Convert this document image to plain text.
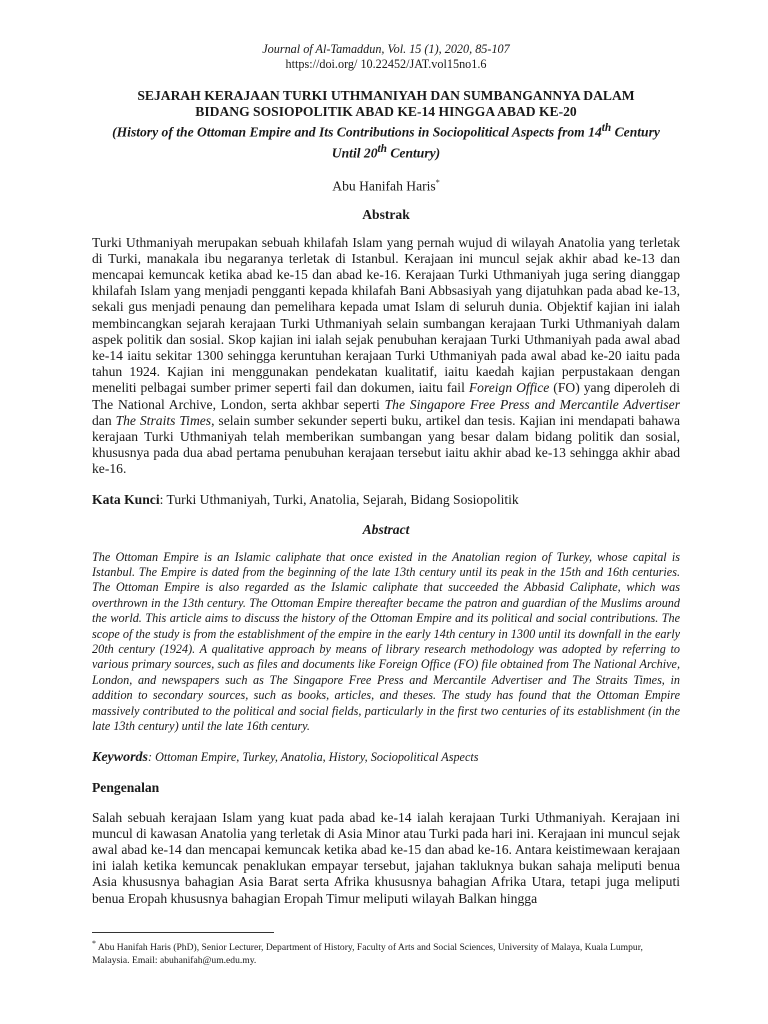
Journal of Al-Tamaddun, Vol. 15 (1), 2020, 85-107
https://doi.org/ 10.22452/JAT.vol15no1.6
SEJARAH KERAJAAN TURKI UTHMANIYAH DAN SUMBANGANNYA DALAM
BIDANG SOSIOPOLITIK ABAD KE-14 HINGGA ABAD KE-20
(History of the Ottoman Empire and Its Contributions in Sociopolitical Aspects from 14th Century
Until 20th Century)
Abu Hanifah Haris*
Abstrak
Turki Uthmaniyah merupakan sebuah khilafah Islam yang pernah wujud di wilayah Anatolia yang terletak di Turki, manakala ibu negaranya terletak di Istanbul. Kerajaan ini muncul sejak akhir abad ke-13 dan mencapai kemuncak ketika abad ke-15 dan abad ke-16. Kerajaan Turki Uthmaniyah juga sering dianggap khilafah Islam yang menjadi pengganti kepada khilafah Bani Abbsasiyah yang dijatuhkan pada abad ke-13, sekali gus menjadi penaung dan pemelihara kepada umat Islam di seluruh dunia. Objektif kajian ini ialah membincangkan sejarah kerajaan Turki Uthmaniyah selain sumbangan kerajaan Turki Uthmaniyah dalam aspek politik dan sosial. Skop kajian ini ialah sejak penubuhan kerajaan Turki Uthmaniyah pada awal abad ke-14 iaitu sekitar 1300 sehingga keruntuhan kerajaan Turki Uthmaniyah pada awal abad ke-20 iaitu pada tahun 1924. Kajian ini menggunakan pendekatan kualitatif, iaitu kaedah kajian perpustakaan dengan meneliti pelbagai sumber primer seperti fail dan dokumen, iaitu fail Foreign Office (FO) yang diperoleh di The National Archive, London, serta akhbar seperti The Singapore Free Press and Mercantile Advertiser dan The Straits Times, selain sumber sekunder seperti buku, artikel dan tesis. Kajian ini mendapati bahawa kerajaan Turki Uthmaniyah telah memberikan sumbangan yang besar dalam bidang politik dan sosial, khususnya pada dua abad pertama penubuhan kerajaan tersebut iaitu akhir abad ke-13 sehingga akhir abad ke-16.
Kata Kunci: Turki Uthmaniyah, Turki, Anatolia, Sejarah, Bidang Sosiopolitik
Abstract
The Ottoman Empire is an Islamic caliphate that once existed in the Anatolian region of Turkey, whose capital is Istanbul. The Empire is dated from the beginning of the late 13th century until its peak in the 15th and 16th centuries. The Ottoman Empire is also regarded as the Islamic caliphate that succeeded the Abbasid Caliphate, which was overthrown in the 13th century. The Ottoman Empire thereafter became the patron and guardian of the Muslims around the world. This article aims to discuss the history of the Ottoman Empire and its political and social contributions. The scope of the study is from the establishment of the empire in the early 14th century in 1300 until its downfall in the early 20th century (1924). A qualitative approach by means of library research methodology was adopted by referring to various primary sources, such as files and documents like Foreign Office (FO) file obtained from The National Archive, London, and newspapers such as The Singapore Free Press and Mercantile Advertiser and The Straits Times, in addition to secondary sources, such as books, articles, and theses. The study has found that the Ottoman Empire massively contributed to the political and social fields, particularly in the first two centuries of its establishment (in the late 13th century) until the late 16th century.
Keywords: Ottoman Empire, Turkey, Anatolia, History, Sociopolitical Aspects
Pengenalan
Salah sebuah kerajaan Islam yang kuat pada abad ke-14 ialah kerajaan Turki Uthmaniyah. Kerajaan ini muncul di kawasan Anatolia yang terletak di Asia Minor atau Turki pada hari ini. Kerajaan ini muncul sejak awal abad ke-14 dan mencapai kemuncak ketika abad ke-15 dan abad ke-16. Antara keistimewaan kerajaan ini ialah ketika kemuncak penaklukan empayar tersebut, jajahan takluknya bukan sahaja meliputi benua Asia khususnya bahagian Asia Barat serta Afrika khususnya bahagian Afrika Utara, tetapi juga meliputi benua Eropah khususnya bahagian Eropah Timur meliputi wilayah Balkan hingga
* Abu Hanifah Haris (PhD), Senior Lecturer, Department of History, Faculty of Arts and Social Sciences, University of Malaya, Kuala Lumpur, Malaysia. Email: abuhanifah@um.edu.my.
